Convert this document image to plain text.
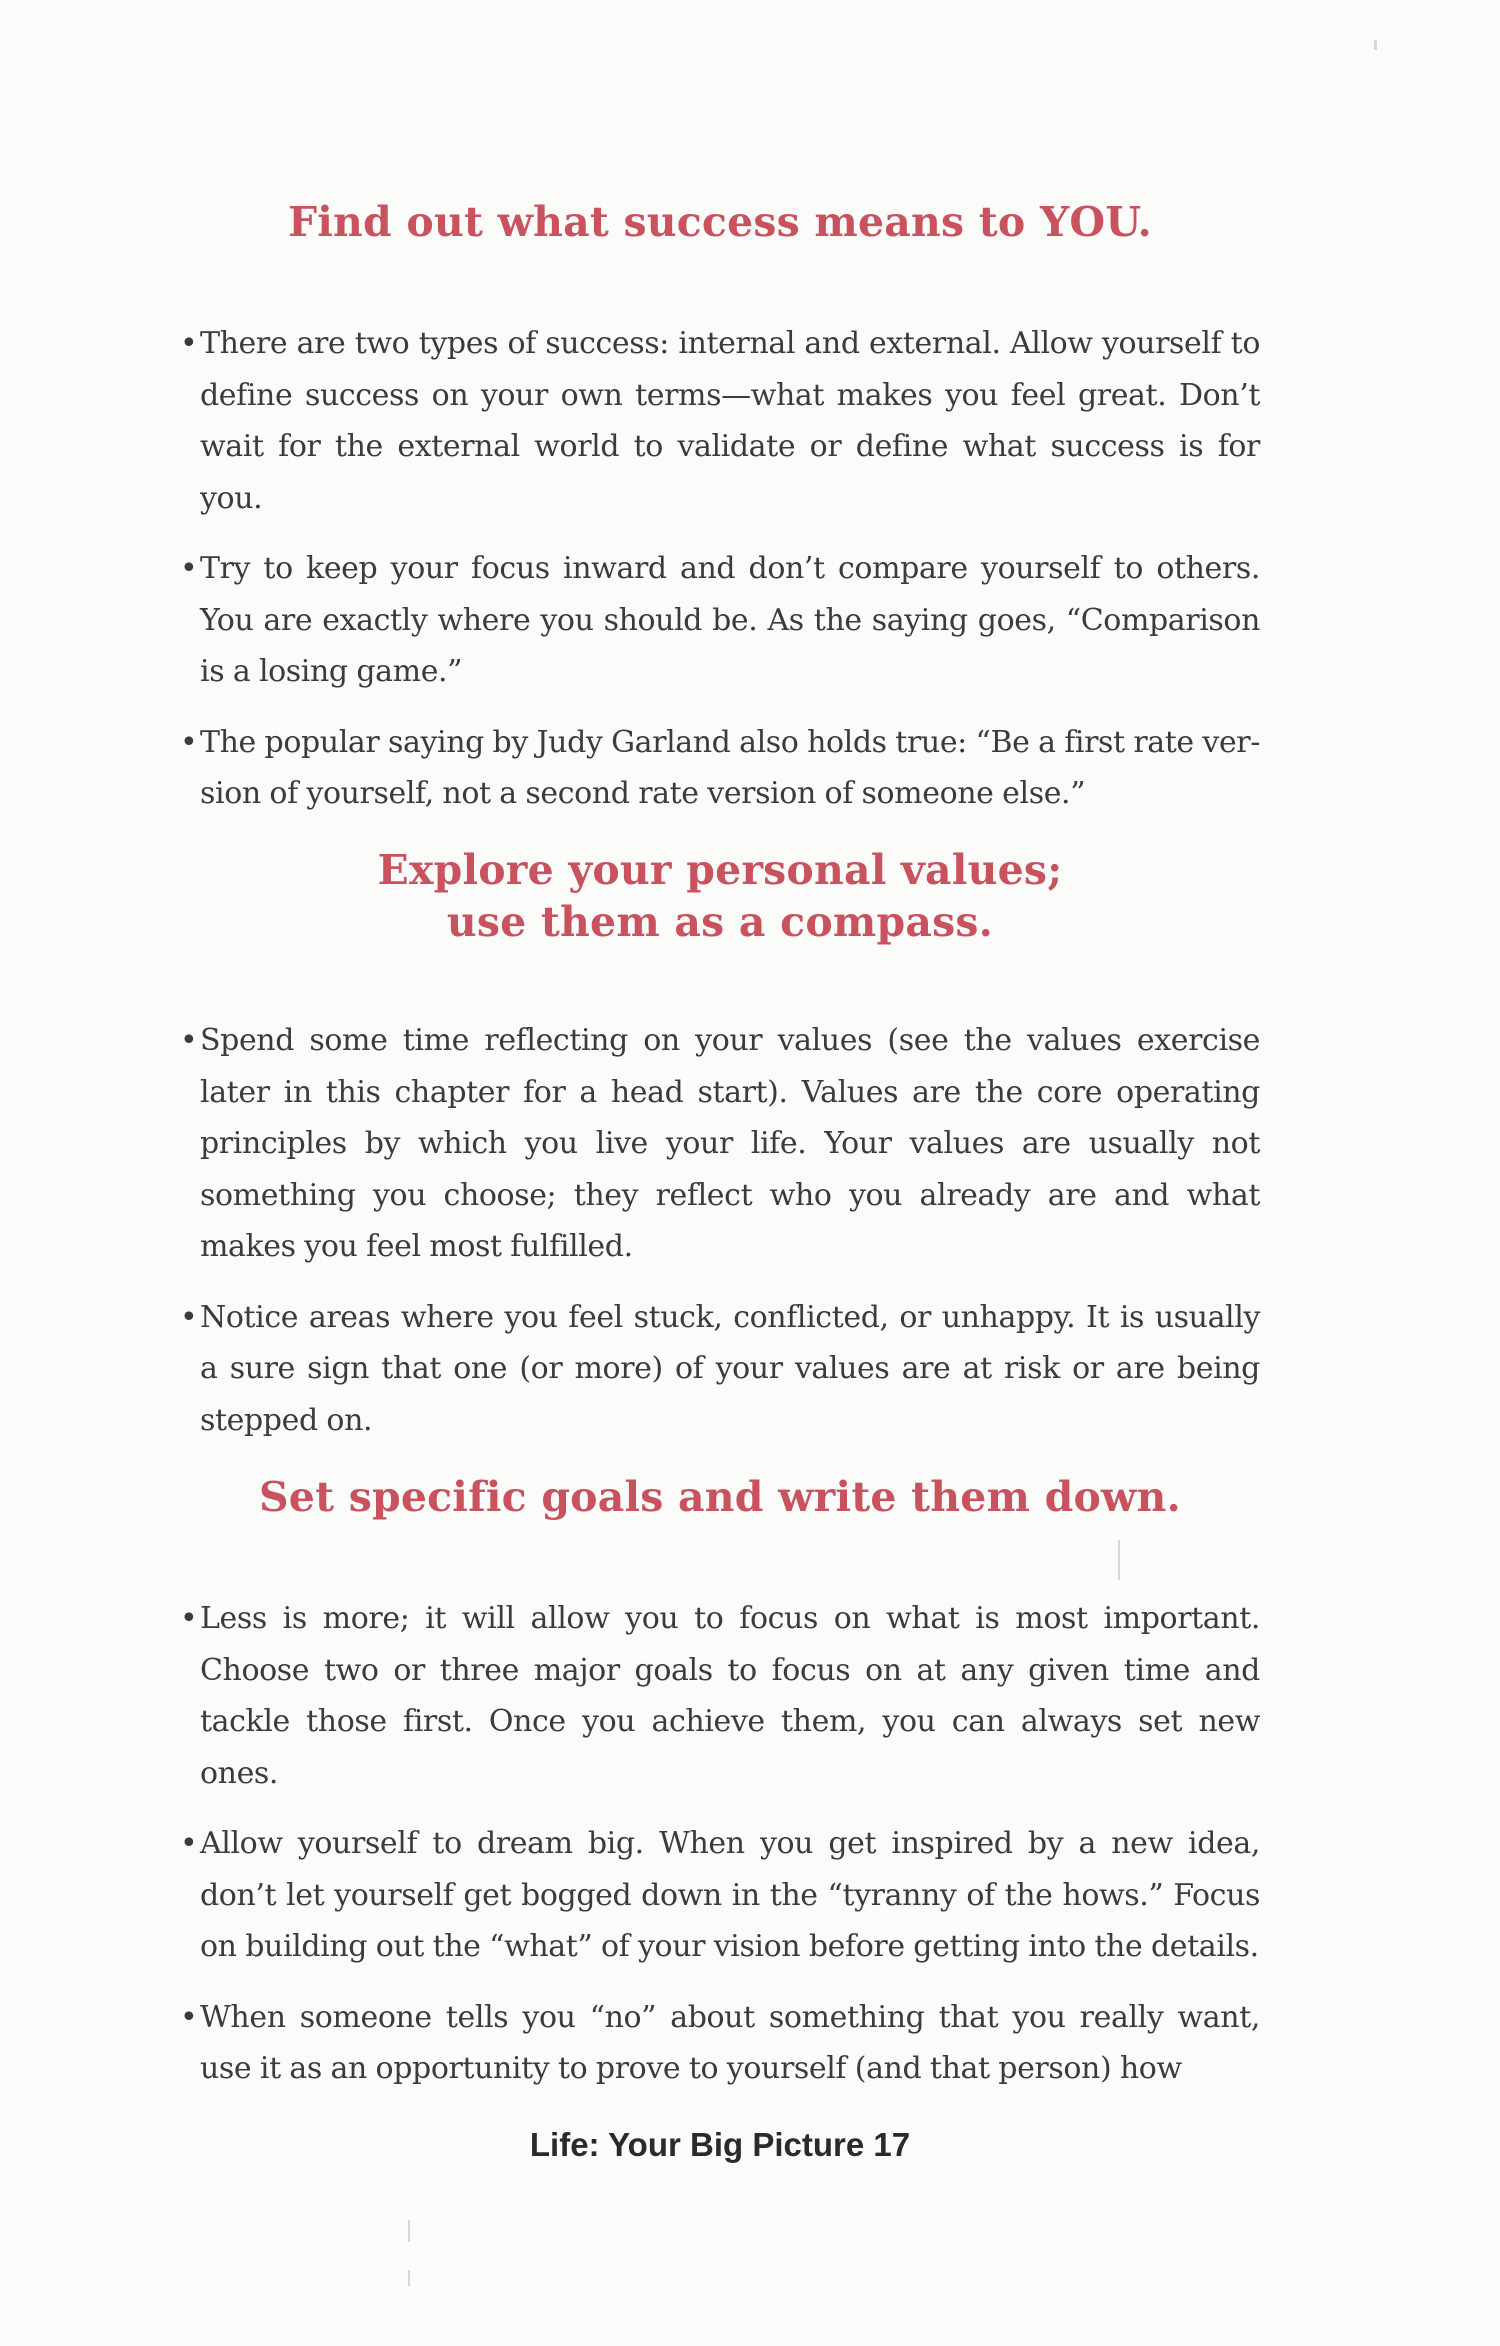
Find out what success means to YOU.
• There are two types of success: internal and external. Allow yourself to define success on your own terms—what makes you feel great. Don’t wait for the external world to validate or define what success is for you.
• Try to keep your focus inward and don’t compare yourself to others. You are exactly where you should be. As the saying goes, “Comparison is a losing game.”
• The popular saying by Judy Garland also holds true: “Be a first rate ver-sion of yourself, not a second rate version of someone else.”
Explore your personal values;
use them as a compass.
• Spend some time reflecting on your values (see the values exercise later in this chapter for a head start). Values are the core operating principles by which you live your life. Your values are usually not something you choose; they reflect who you already are and what makes you feel most fulfilled.
• Notice areas where you feel stuck, conflicted, or unhappy. It is usually a sure sign that one (or more) of your values are at risk or are being stepped on.
Set specific goals and write them down.
• Less is more; it will allow you to focus on what is most important. Choose two or three major goals to focus on at any given time and tackle those first. Once you achieve them, you can always set new ones.
• Allow yourself to dream big. When you get inspired by a new idea, don’t let yourself get bogged down in the “tyranny of the hows.” Focus on building out the “what” of your vision before getting into the details.
• When someone tells you “no” about something that you really want, use it as an opportunity to prove to yourself (and that person) how
Life: Your Big Picture 17
